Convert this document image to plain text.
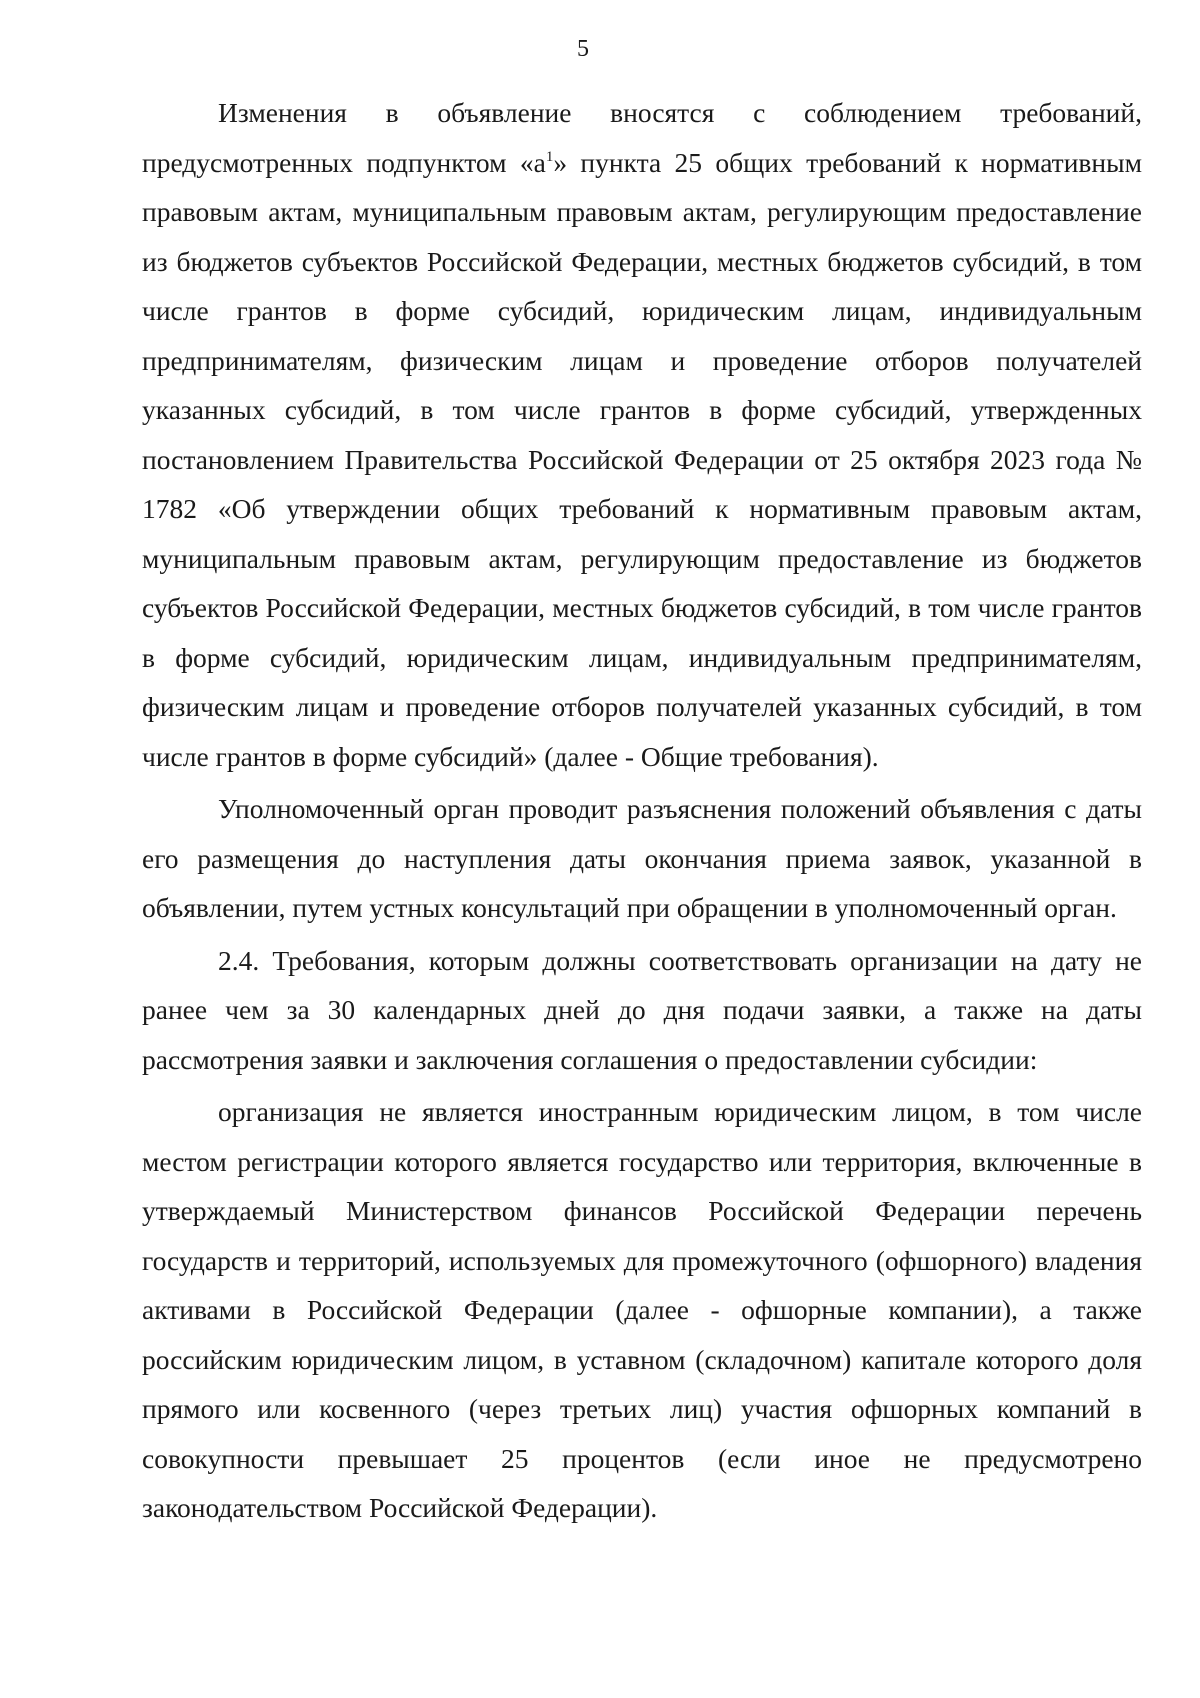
5

Изменения в объявление вносятся с соблюдением требований, предусмотренных подпунктом «$а^1$» пункта 25 общих требований к нормативным правовым актам, муниципальным правовым актам, регулирующим предоставление из бюджетов субъектов Российской Федерации, местных бюджетов субсидий, в том числе грантов в форме субсидий, юридическим лицам, индивидуальным предпринимателям, физическим лицам и проведение отборов получателей указанных субсидий, в том числе грантов в форме субсидий, утвержденных постановлением Правительства Российской Федерации от 25 октября 2023 года № 1782 «Об утверждении общих требований к нормативным правовым актам, муниципальным правовым актам, регулирующим предоставление из бюджетов субъектов Российской Федерации, местных бюджетов субсидий, в том числе грантов в форме субсидий, юридическим лицам, индивидуальным предпринимателям, физическим лицам и проведение отборов получателей указанных субсидий, в том числе грантов в форме субсидий» (далее - Общие требования).

Уполномоченный орган проводит разъяснения положений объявления с даты его размещения до наступления даты окончания приема заявок, указанной в объявлении, путем устных консультаций при обращении в уполномоченный орган.

2.4. Требования, которым должны соответствовать организации на дату не ранее чем за 30 календарных дней до дня подачи заявки, а также на даты рассмотрения заявки и заключения соглашения о предоставлении субсидии:

организация не является иностранным юридическим лицом, в том числе местом регистрации которого является государство или территория, включенные в утверждаемый Министерством финансов Российской Федерации перечень государств и территорий, используемых для промежуточного (офшорного) владения активами в Российской Федерации (далее - офшорные компании), а также российским юридическим лицом, в уставном (складочном) капитале которого доля прямого или косвенного (через третьих лиц) участия офшорных компаний в совокупности превышает 25 процентов (если иное не предусмотрено законодательством Российской Федерации).
